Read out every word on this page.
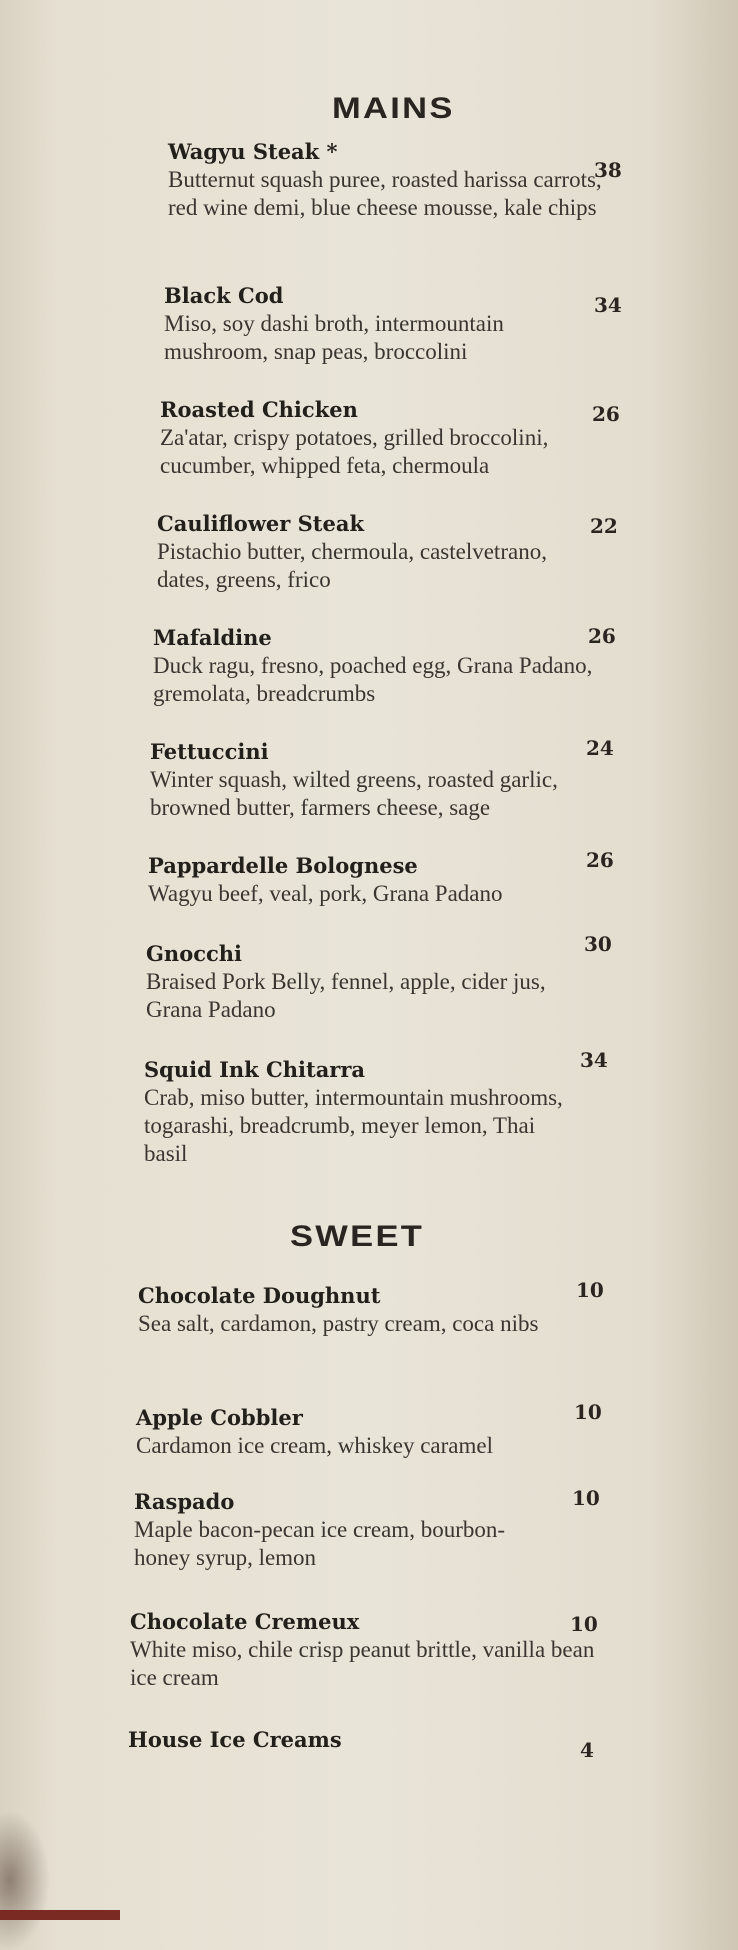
MAINS
Wagyu Steak *
Butternut squash puree, roasted harissa carrots, red wine demi, blue cheese mousse, kale chips
38
Black Cod
Miso, soy dashi broth, intermountain mushroom, snap peas, broccolini
34
Roasted Chicken
Za'atar, crispy potatoes, grilled broccolini, cucumber, whipped feta, chermoula
26
Cauliflower Steak
Pistachio butter, chermoula, castelvetrano, dates, greens, frico
22
Mafaldine
Duck ragu, fresno, poached egg, Grana Padano, gremolata, breadcrumbs
26
Fettuccini
Winter squash, wilted greens, roasted garlic, browned butter, farmers cheese, sage
24
Pappardelle Bolognese
Wagyu beef, veal, pork, Grana Padano
26
Gnocchi
Braised Pork Belly, fennel, apple, cider jus, Grana Padano
30
Squid Ink Chitarra
Crab, miso butter, intermountain mushrooms, togarashi, breadcrumb, meyer lemon, Thai basil
34
SWEET
Chocolate Doughnut
Sea salt, cardamon, pastry cream, coca nibs
10
Apple Cobbler
Cardamon ice cream, whiskey caramel
10
Raspado
Maple bacon-pecan ice cream, bourbon-honey syrup, lemon
10
Chocolate Cremeux
White miso, chile crisp peanut brittle, vanilla bean ice cream
10
House Ice Creams	4
